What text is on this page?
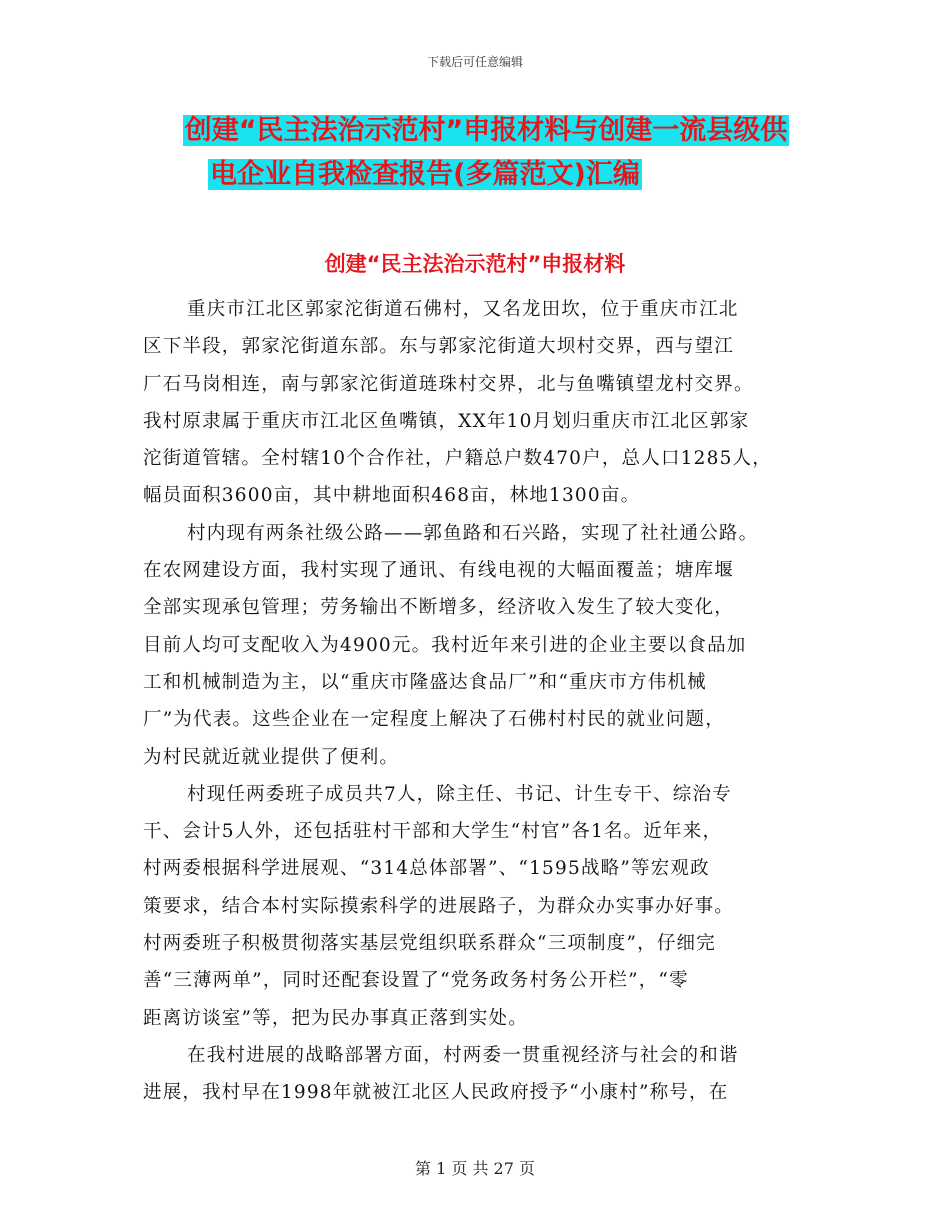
下载后可任意编辑
创建“民主法治示范村”申报材料与创建一流县级供
电企业自我检查报告(多篇范文)汇编
创建“民主法治示范村”申报材料
重庆市江北区郭家沱街道石佛村，又名龙田坎，位于重庆市江北
区下半段，郭家沱街道东部。东与郭家沱街道大坝村交界，西与望江
厂石马岗相连，南与郭家沱街道琏珠村交界，北与鱼嘴镇望龙村交界。
我村原隶属于重庆市江北区鱼嘴镇，XX年10月划归重庆市江北区郭家
沱街道管辖。全村辖10个合作社，户籍总户数470户，总人口1285人，
幅员面积3600亩，其中耕地面积468亩，林地1300亩。
村内现有两条社级公路——郭鱼路和石兴路，实现了社社通公路。
在农网建设方面，我村实现了通讯、有线电视的大幅面覆盖；塘库堰
全部实现承包管理；劳务输出不断增多，经济收入发生了较大变化，
目前人均可支配收入为4900元。我村近年来引进的企业主要以食品加
工和机械制造为主，以“重庆市隆盛达食品厂”和“重庆市方伟机械
厂”为代表。这些企业在一定程度上解决了石佛村村民的就业问题，
为村民就近就业提供了便利。
村现任两委班子成员共7人，除主任、书记、计生专干、综治专
干、会计5人外，还包括驻村干部和大学生“村官”各1名。近年来，
村两委根据科学进展观、“314总体部署”、“1595战略”等宏观政
策要求，结合本村实际摸索科学的进展路子，为群众办实事办好事。
村两委班子积极贯彻落实基层党组织联系群众“三项制度”，仔细完
善“三薄两单”，同时还配套设置了“党务政务村务公开栏”，“零
距离访谈室”等，把为民办事真正落到实处。
在我村进展的战略部署方面，村两委一贯重视经济与社会的和谐
进展，我村早在1998年就被江北区人民政府授予“小康村”称号，在
第 1 页 共 27 页
